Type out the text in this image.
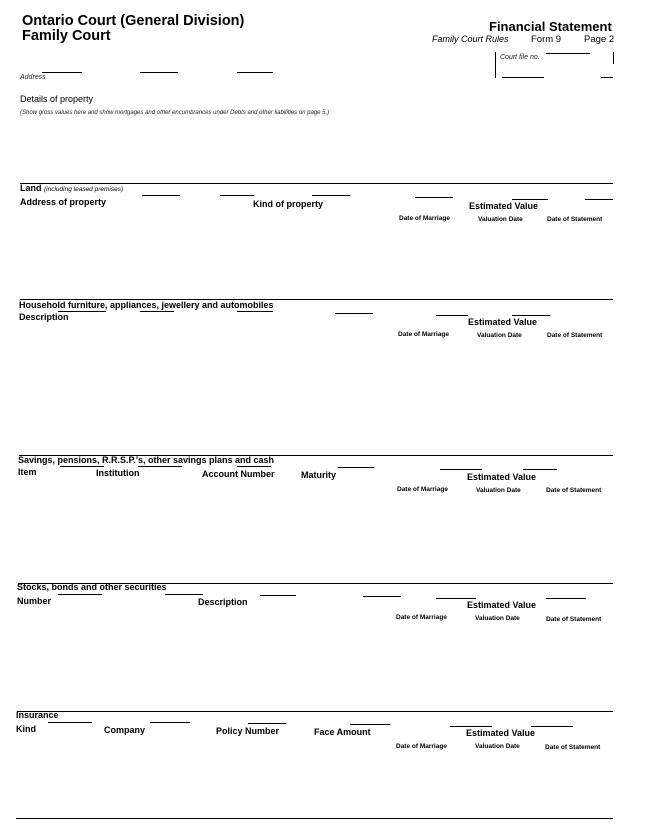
Ontario Court (General Division)
Family Court
Financial Statement
Family Court Rules Form 9 Page 2
Court file no.
Address
Details of property
(Show gross values here and show mortgages and other encumbrances under Debts and other liabilities on page 5.)
Land (including leased premises)
Address of property	Kind of property	Estimated Value
Date of Marriage	Valuation Date	Date of Statement
Household furniture, appliances, jewellery and automobiles
Description	Estimated Value
Date of Marriage	Valuation Date	Date of Statement
Savings, pensions, R.R.S.P.'s, other savings plans and cash
Item	Institution	Account Number	Maturity	Estimated Value
Date of Marriage	Valuation Date	Date of Statement
Stocks, bonds and other securities
Number	Description	Estimated Value
Date of Marriage	Valuation Date	Date of Statement
Insurance
Kind	Company	Policy Number	Face Amount	Estimated Value
Date of Marriage	Valuation Date	Date of Statement
